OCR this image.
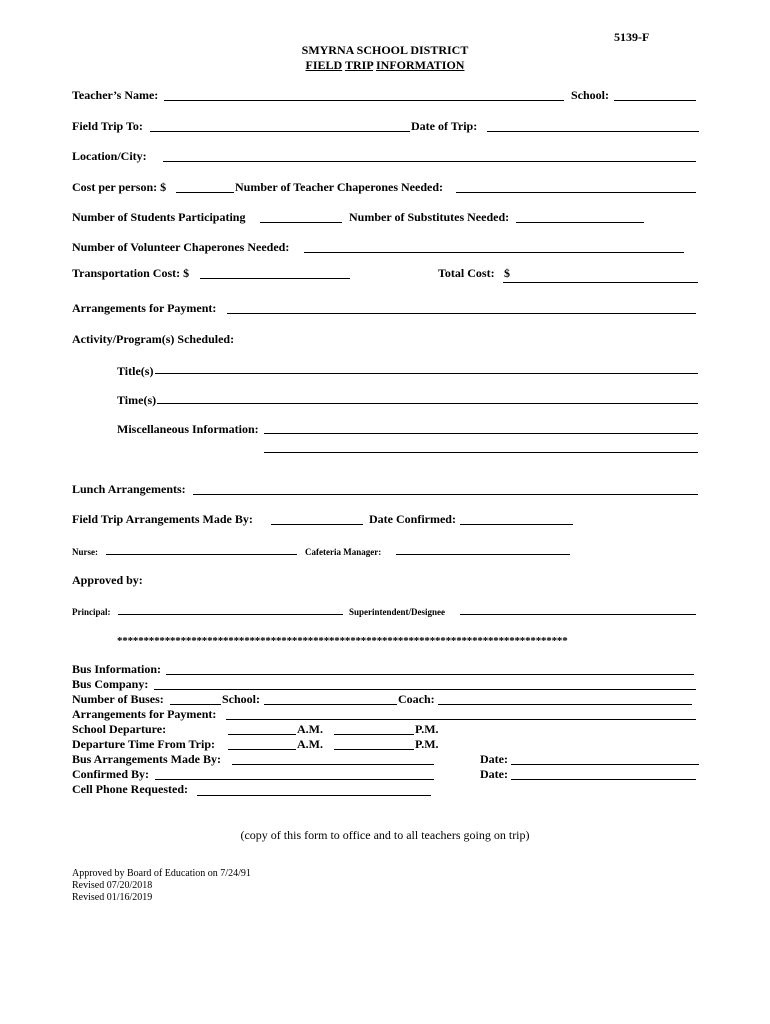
5139-F
SMYRNA SCHOOL DISTRICT
FIELD TRIP INFORMATION
Teacher’s Name:	School:
Field Trip To:	Date of Trip:
Location/City:
Cost per person: $	Number of Teacher Chaperones Needed:
Number of Students Participating	Number of Substitutes Needed:
Number of Volunteer Chaperones Needed:
Transportation Cost: $	Total Cost: $
Arrangements for Payment:
Activity/Program(s) Scheduled:
Title(s)
Time(s)
Miscellaneous Information:
Lunch Arrangements:
Field Trip Arrangements Made By:	Date Confirmed:
Nurse:	Cafeteria Manager:
Approved by:
Principal:	Superintendent/Designee
*************************************************************************************
Bus Information:
Bus Company:
Number of Buses:	School:	Coach:
Arrangements for Payment:
School Departure:	A.M.	P.M.
Departure Time From Trip:	A.M.	P.M.
Bus Arrangements Made By:	Date:
Confirmed By:	Date:
Cell Phone Requested:
(copy of this form to office and to all teachers going on trip)
Approved by Board of Education on 7/24/91
Revised 07/20/2018
Revised 01/16/2019
